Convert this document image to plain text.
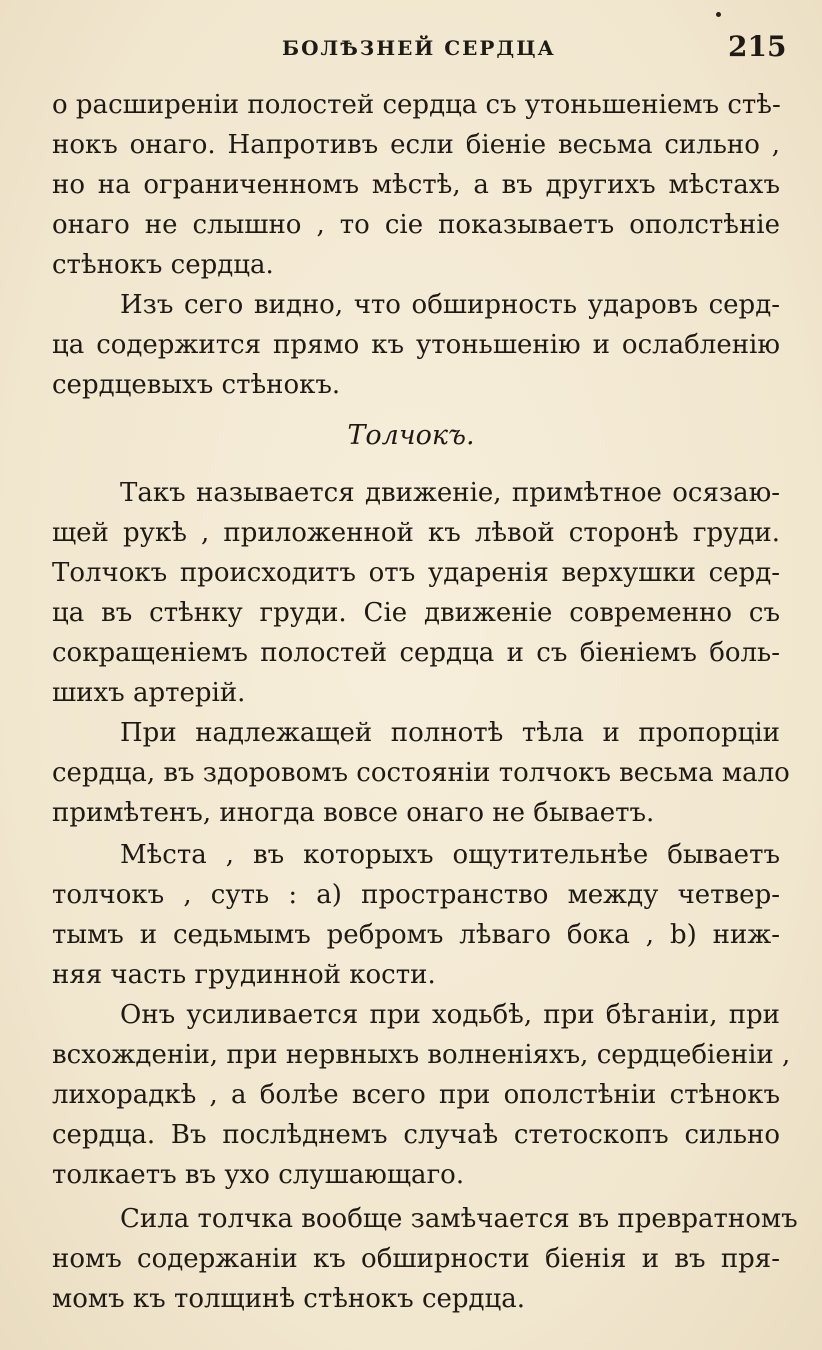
БОЛѢЗНЕЙ СЕРДЦА	215
о расширеніи полостей сердца съ утоньшеніемъ стѣ-
нокъ онаго. Напротивъ если біеніе весьма сильно ,
но на ограниченномъ мѣстѣ, а въ другихъ мѣстахъ
онаго не слышно , то сіе показываетъ ополстѣніе
стѣнокъ сердца.
Изъ сего видно, что обширность ударовъ серд-
ца содержится прямо къ утоньшенію и ослабленію
сердцевыхъ стѣнокъ.
Толчокъ.
Такъ называется движеніе, примѣтное осязаю-
щей рукѣ , приложенной къ лѣвой сторонѣ груди.
Толчокъ происходитъ отъ ударенія верхушки серд-
ца въ стѣнку груди. Сіе движеніе современно съ
сокращеніемъ полостей сердца и съ біеніемъ боль-
шихъ артерій.
При надлежащей полнотѣ тѣла и пропорціи
сердца, въ здоровомъ состояніи толчокъ весьма мало
примѣтенъ, иногда вовсе онаго не бываетъ.
Мѣста , въ которыхъ ощутительнѣе бываетъ
толчокъ , суть : а) пространство между четвер-
тымъ и седьмымъ ребромъ лѣваго бока , b) ниж-
няя часть грудинной кости.
Онъ усиливается при ходьбѣ, при бѣганіи, при
всхожденіи, при нервныхъ волненіяхъ, сердцебіеніи ,
лихорадкѣ , а болѣе всего при ополстѣніи стѣнокъ
сердца. Въ послѣднемъ случаѣ стетоскопъ сильно
толкаетъ въ ухо слушающаго.
Сила толчка вообще замѣчается въ превратномъ
номъ содержаніи къ обширности біенія и въ пря-
момъ къ толщинѣ стѣнокъ сердца.
